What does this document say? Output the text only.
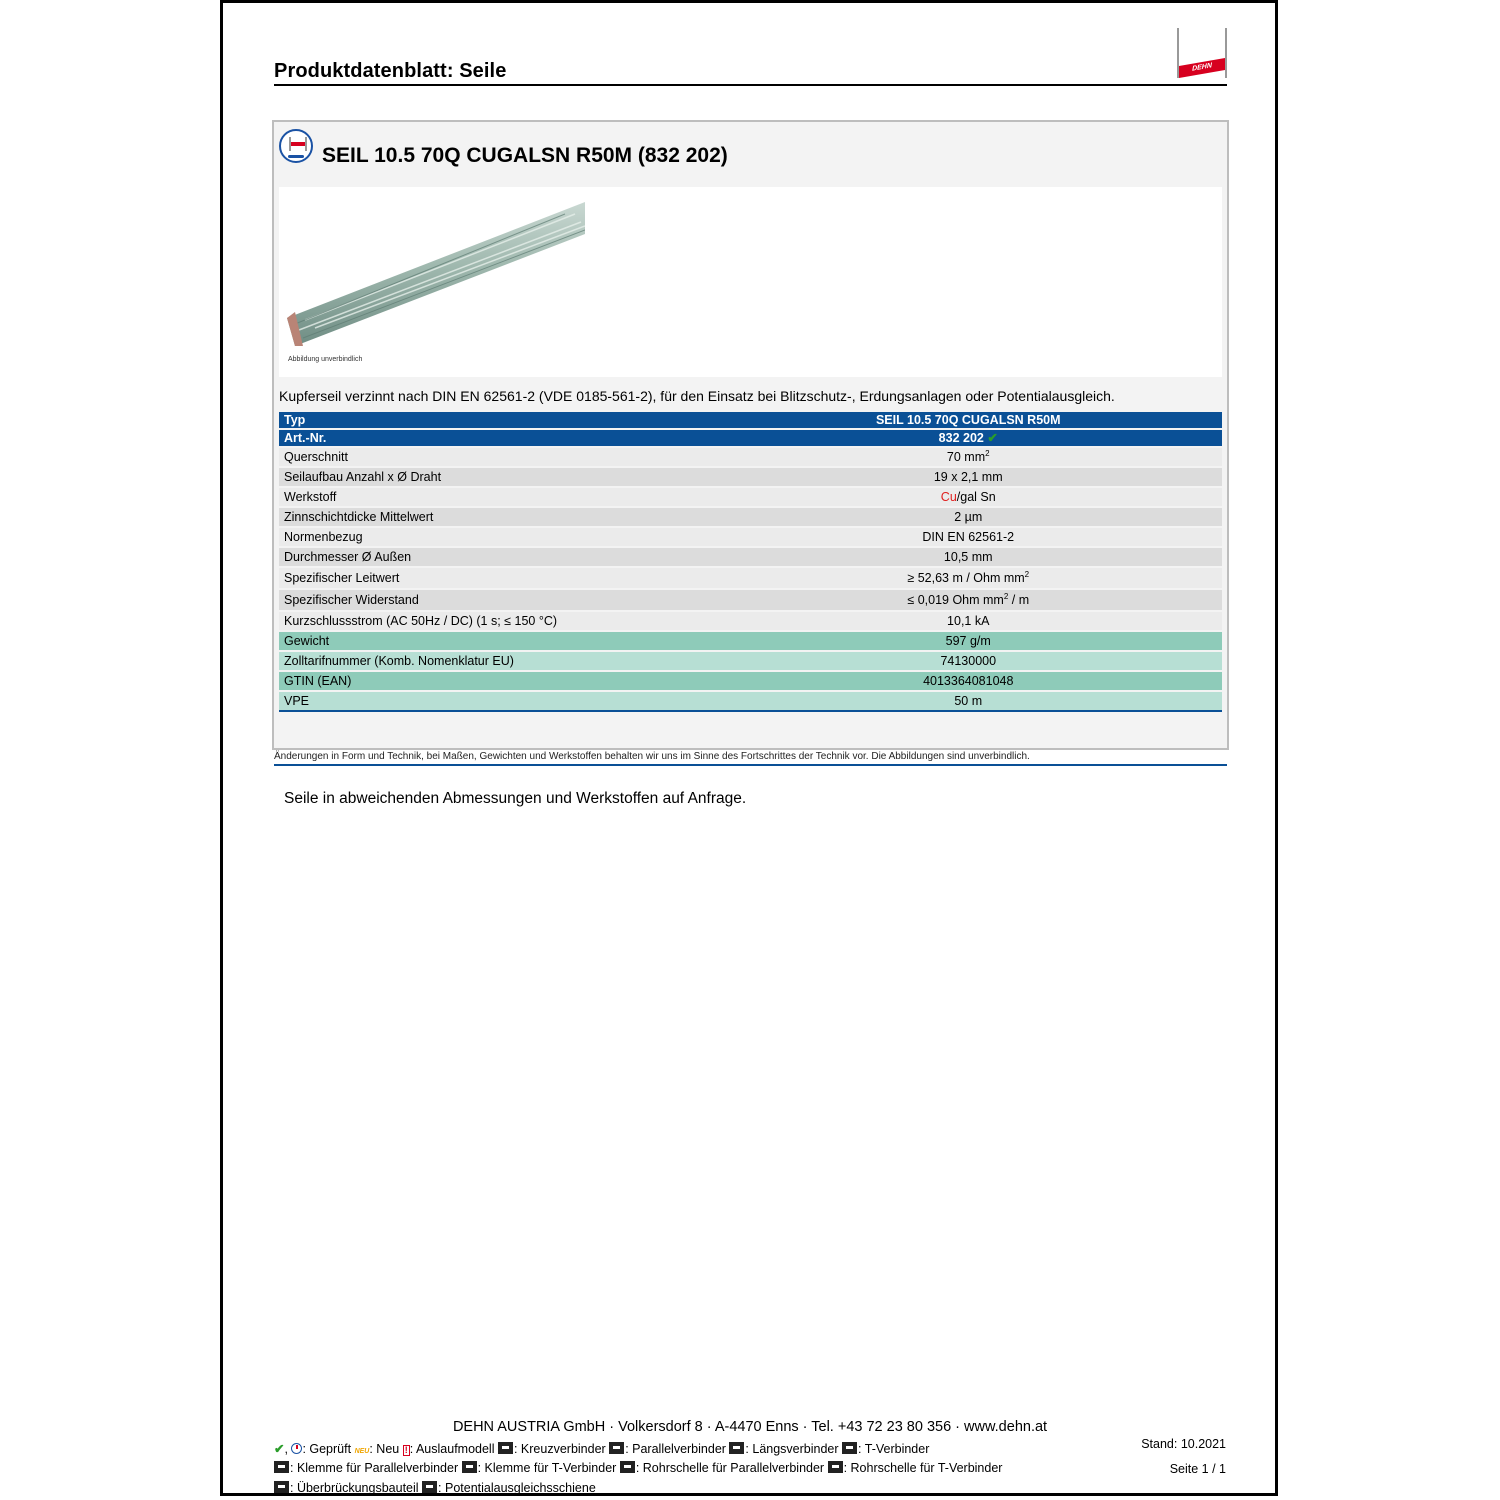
Produktdatenblatt: Seile	DEHN
SEIL 10.5 70Q CUGALSN R50M (832 202)
Abbildung unverbindlich
Kupferseil verzinnt nach DIN EN 62561-2 (VDE 0185-561-2), für den Einsatz bei Blitzschutz-, Erdungsanlagen oder Potentialausgleich.
Typ	SEIL 10.5 70Q CUGALSN R50M
Art.-Nr.	832 202 ✔
Querschnitt	70 $mm^2$
Seilaufbau Anzahl x Ø Draht	19 x 2,1 mm
Werkstoff	Cu/gal Sn
Zinnschichtdicke Mittelwert	2 µm
Normenbezug	DIN EN 62561-2
Durchmesser Ø Außen	10,5 mm
Spezifischer Leitwert	≥ 52,63 m / Ohm $mm^2$
Spezifischer Widerstand	≤ 0,019 Ohm $mm^2$ / m
Kurzschlussstrom (AC 50Hz / DC) (1 s; ≤ 150 °C)	10,1 kA
Gewicht	597 g/m
Zolltarifnummer (Komb. Nomenklatur EU)	74130000
GTIN (EAN)	4013364081048
VPE	50 m
Änderungen in Form und Technik, bei Maßen, Gewichten und Werkstoffen behalten wir uns im Sinne des Fortschrittes der Technik vor. Die Abbildungen sind unverbindlich.
Seile in abweichenden Abmessungen und Werkstoffen auf Anfrage.
DEHN AUSTRIA GmbH · Volkersdorf 8 · A-4470 Enns · Tel. +43 72 23 80 356 · www.dehn.at
✔, : Geprüft NEU: Neu ! : Auslaufmodell : Kreuzverbinder : Parallelverbinder : Längsverbinder : T-Verbinder
: Klemme für Parallelverbinder : Klemme für T-Verbinder : Rohrschelle für Parallelverbinder : Rohrschelle für T-Verbinder
: Überbrückungsbauteil : Potentialausgleichsschiene
Stand: 10.2021
Seite 1 / 1
